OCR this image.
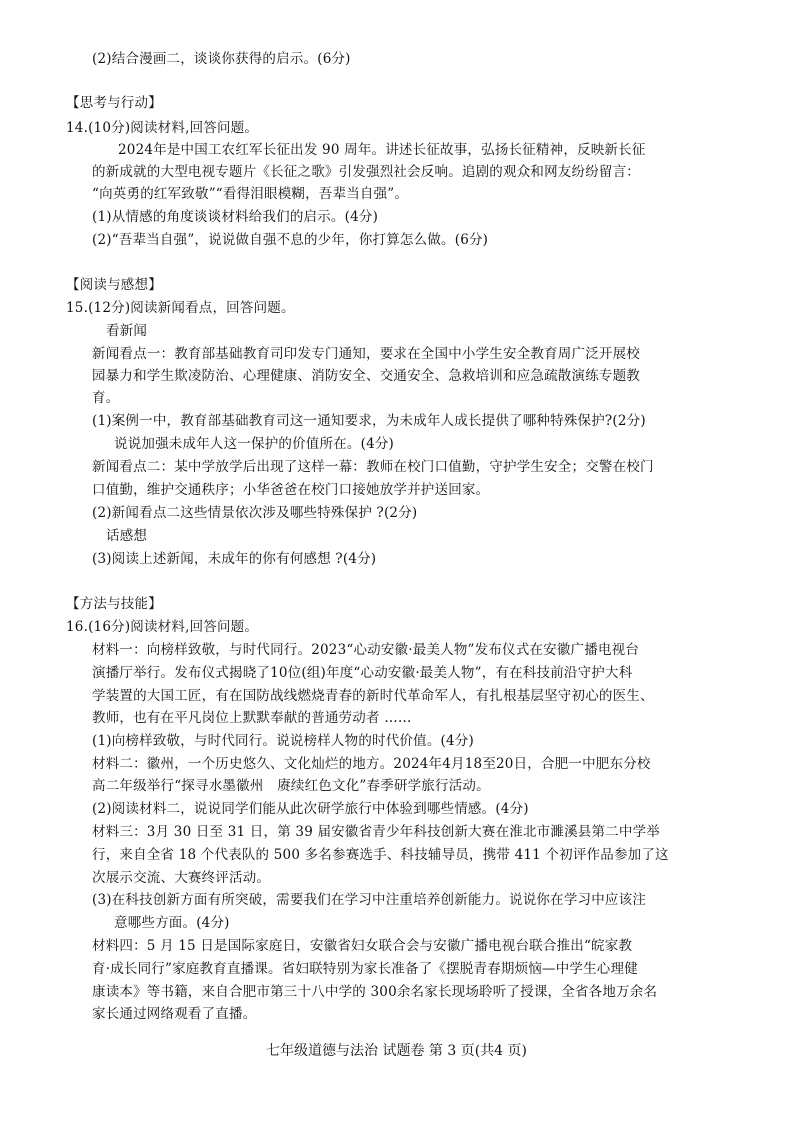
(2)结合漫画二，谈谈你获得的启示。(6分)
【思考与行动】
14.(10分)阅读材料,回答问题。
2024年是中国工农红军长征出发 90 周年。讲述长征故事，弘扬长征精神，反映新长征
的新成就的大型电视专题片《长征之歌》引发强烈社会反响。追剧的观众和网友纷纷留言：
“向英勇的红军致敬”“看得泪眼模糊，吾辈当自强”。
(1)从情感的角度谈谈材料给我们的启示。(4分)
(2)“吾辈当自强”，说说做自强不息的少年，你打算怎么做。(6分)
【阅读与感想】
15.(12分)阅读新闻看点，回答问题。
看新闻
新闻看点一：教育部基础教育司印发专门通知，要求在全国中小学生安全教育周广泛开展校
园暴力和学生欺凌防治、心理健康、消防安全、交通安全、急救培训和应急疏散演练专题教
育。
(1)案例一中，教育部基础教育司这一通知要求，为未成年人成长提供了哪种特殊保护?(2分)
说说加强未成年人这一保护的价值所在。(4分)
新闻看点二：某中学放学后出现了这样一幕：教师在校门口值勤，守护学生安全；交警在校门
口值勤，维护交通秩序；小华爸爸在校门口接她放学并护送回家。
(2)新闻看点二这些情景依次涉及哪些特殊保护 ?(2分)
话感想
(3)阅读上述新闻，未成年的你有何感想 ?(4分)
【方法与技能】
16.(16分)阅读材料,回答问题。
材料一：向榜样致敬，与时代同行。2023“心动安徽·最美人物”发布仪式在安徽广播电视台
演播厅举行。发布仪式揭晓了10位(组)年度“心动安徽·最美人物”，有在科技前沿守护大科
学装置的大国工匠，有在国防战线燃烧青春的新时代革命军人，有扎根基层坚守初心的医生、
教师，也有在平凡岗位上默默奉献的普通劳动者 ……
(1)向榜样致敬，与时代同行。说说榜样人物的时代价值。(4分)
材料二：徽州，一个历史悠久、文化灿烂的地方。2024年4月18至20日，合肥一中肥东分校
高二年级举行“探寻水墨徽州　赓续红色文化”春季研学旅行活动。
(2)阅读材料二，说说同学们能从此次研学旅行中体验到哪些情感。(4分)
材料三：3月 30 日至 31 日，第 39 届安徽省青少年科技创新大赛在淮北市濉溪县第二中学举
行，来自全省 18 个代表队的 500 多名参赛选手、科技辅导员，携带 411 个初评作品参加了这
次展示交流、大赛终评活动。
(3)在科技创新方面有所突破，需要我们在学习中注重培养创新能力。说说你在学习中应该注
意哪些方面。(4分)
材料四：5 月 15 日是国际家庭日，安徽省妇女联合会与安徽广播电视台联合推出“皖家教
育·成长同行”家庭教育直播课。省妇联特别为家长准备了《摆脱青春期烦恼—中学生心理健
康读本》等书籍，来自合肥市第三十八中学的 300余名家长现场聆听了授课，全省各地万余名
家长通过网络观看了直播。
七年级道德与法治 试题卷 第 3 页(共4 页)
